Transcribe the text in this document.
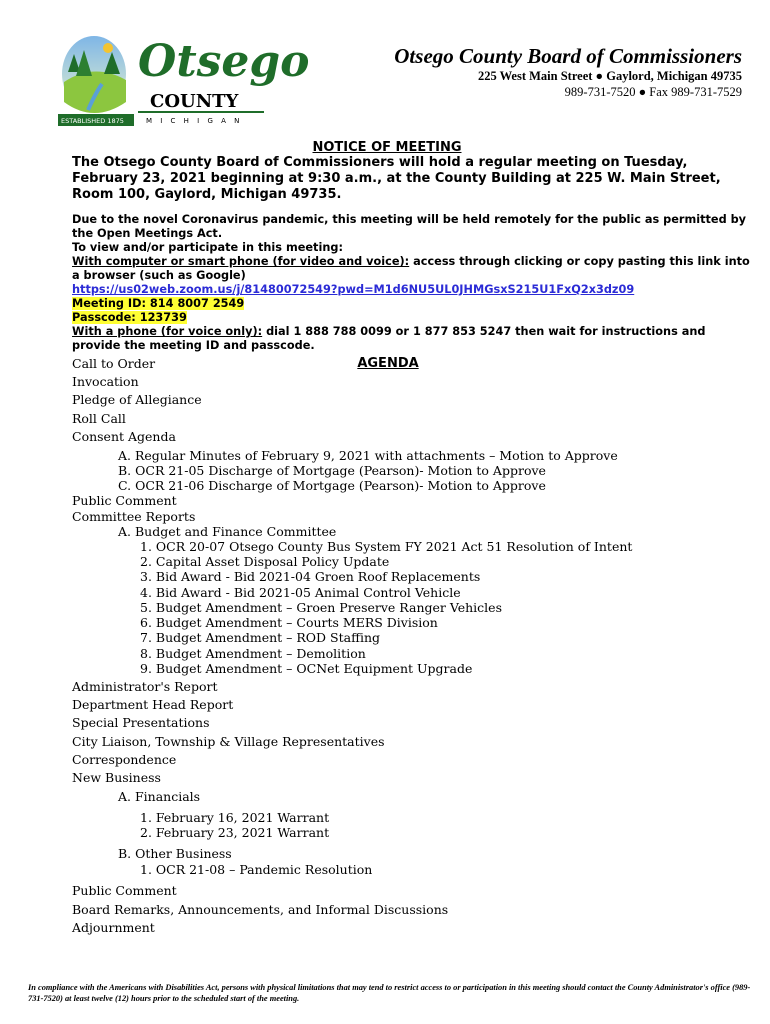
Otsego
COUNTY
ESTABLISHED 1875	M I C H I G A N
Otsego County Board of Commissioners
225 West Main Street ● Gaylord, Michigan 49735
989-731-7520 ● Fax 989-731-7529
NOTICE OF MEETING
The Otsego County Board of Commissioners will hold a regular meeting on Tuesday, February 23, 2021 beginning at 9:30 a.m., at the County Building at 225 W. Main Street, Room 100, Gaylord, Michigan 49735.
Due to the novel Coronavirus pandemic, this meeting will be held remotely for the public as permitted by the Open Meetings Act.
To view and/or participate in this meeting:
With computer or smart phone (for video and voice): access through clicking or copy pasting this link into a browser (such as Google)
https://us02web.zoom.us/j/81480072549?pwd=M1d6NU5UL0JHMGsxS215U1FxQ2x3dz09
Meeting ID: 814 8007 2549
Passcode: 123739
With a phone (for voice only): dial 1 888 788 0099 or 1 877 853 5247 then wait for instructions and provide the meeting ID and passcode.
AGENDA
Call to Order
Invocation
Pledge of Allegiance
Roll Call
Consent Agenda
A. Regular Minutes of February 9, 2021 with attachments – Motion to Approve
B. OCR 21-05 Discharge of Mortgage (Pearson)- Motion to Approve
C. OCR 21-06 Discharge of Mortgage (Pearson)- Motion to Approve
Public Comment
Committee Reports
A. Budget and Finance Committee
1. OCR 20-07 Otsego County Bus System FY 2021 Act 51 Resolution of Intent
2. Capital Asset Disposal Policy Update
3. Bid Award - Bid 2021-04 Groen Roof Replacements
4. Bid Award - Bid 2021-05 Animal Control Vehicle
5. Budget Amendment – Groen Preserve Ranger Vehicles
6. Budget Amendment – Courts MERS Division
7. Budget Amendment – ROD Staffing
8. Budget Amendment – Demolition
9. Budget Amendment – OCNet Equipment Upgrade
Administrator's Report
Department Head Report
Special Presentations
City Liaison, Township & Village Representatives
Correspondence
New Business
A. Financials
1. February 16, 2021 Warrant
2. February 23, 2021 Warrant
B. Other Business
1. OCR 21-08 – Pandemic Resolution
Public Comment
Board Remarks, Announcements, and Informal Discussions
Adjournment
In compliance with the Americans with Disabilities Act, persons with physical limitations that may tend to restrict access to or participation in this meeting should contact the County Administrator's office (989-731-7520) at least twelve (12) hours prior to the scheduled start of the meeting.
